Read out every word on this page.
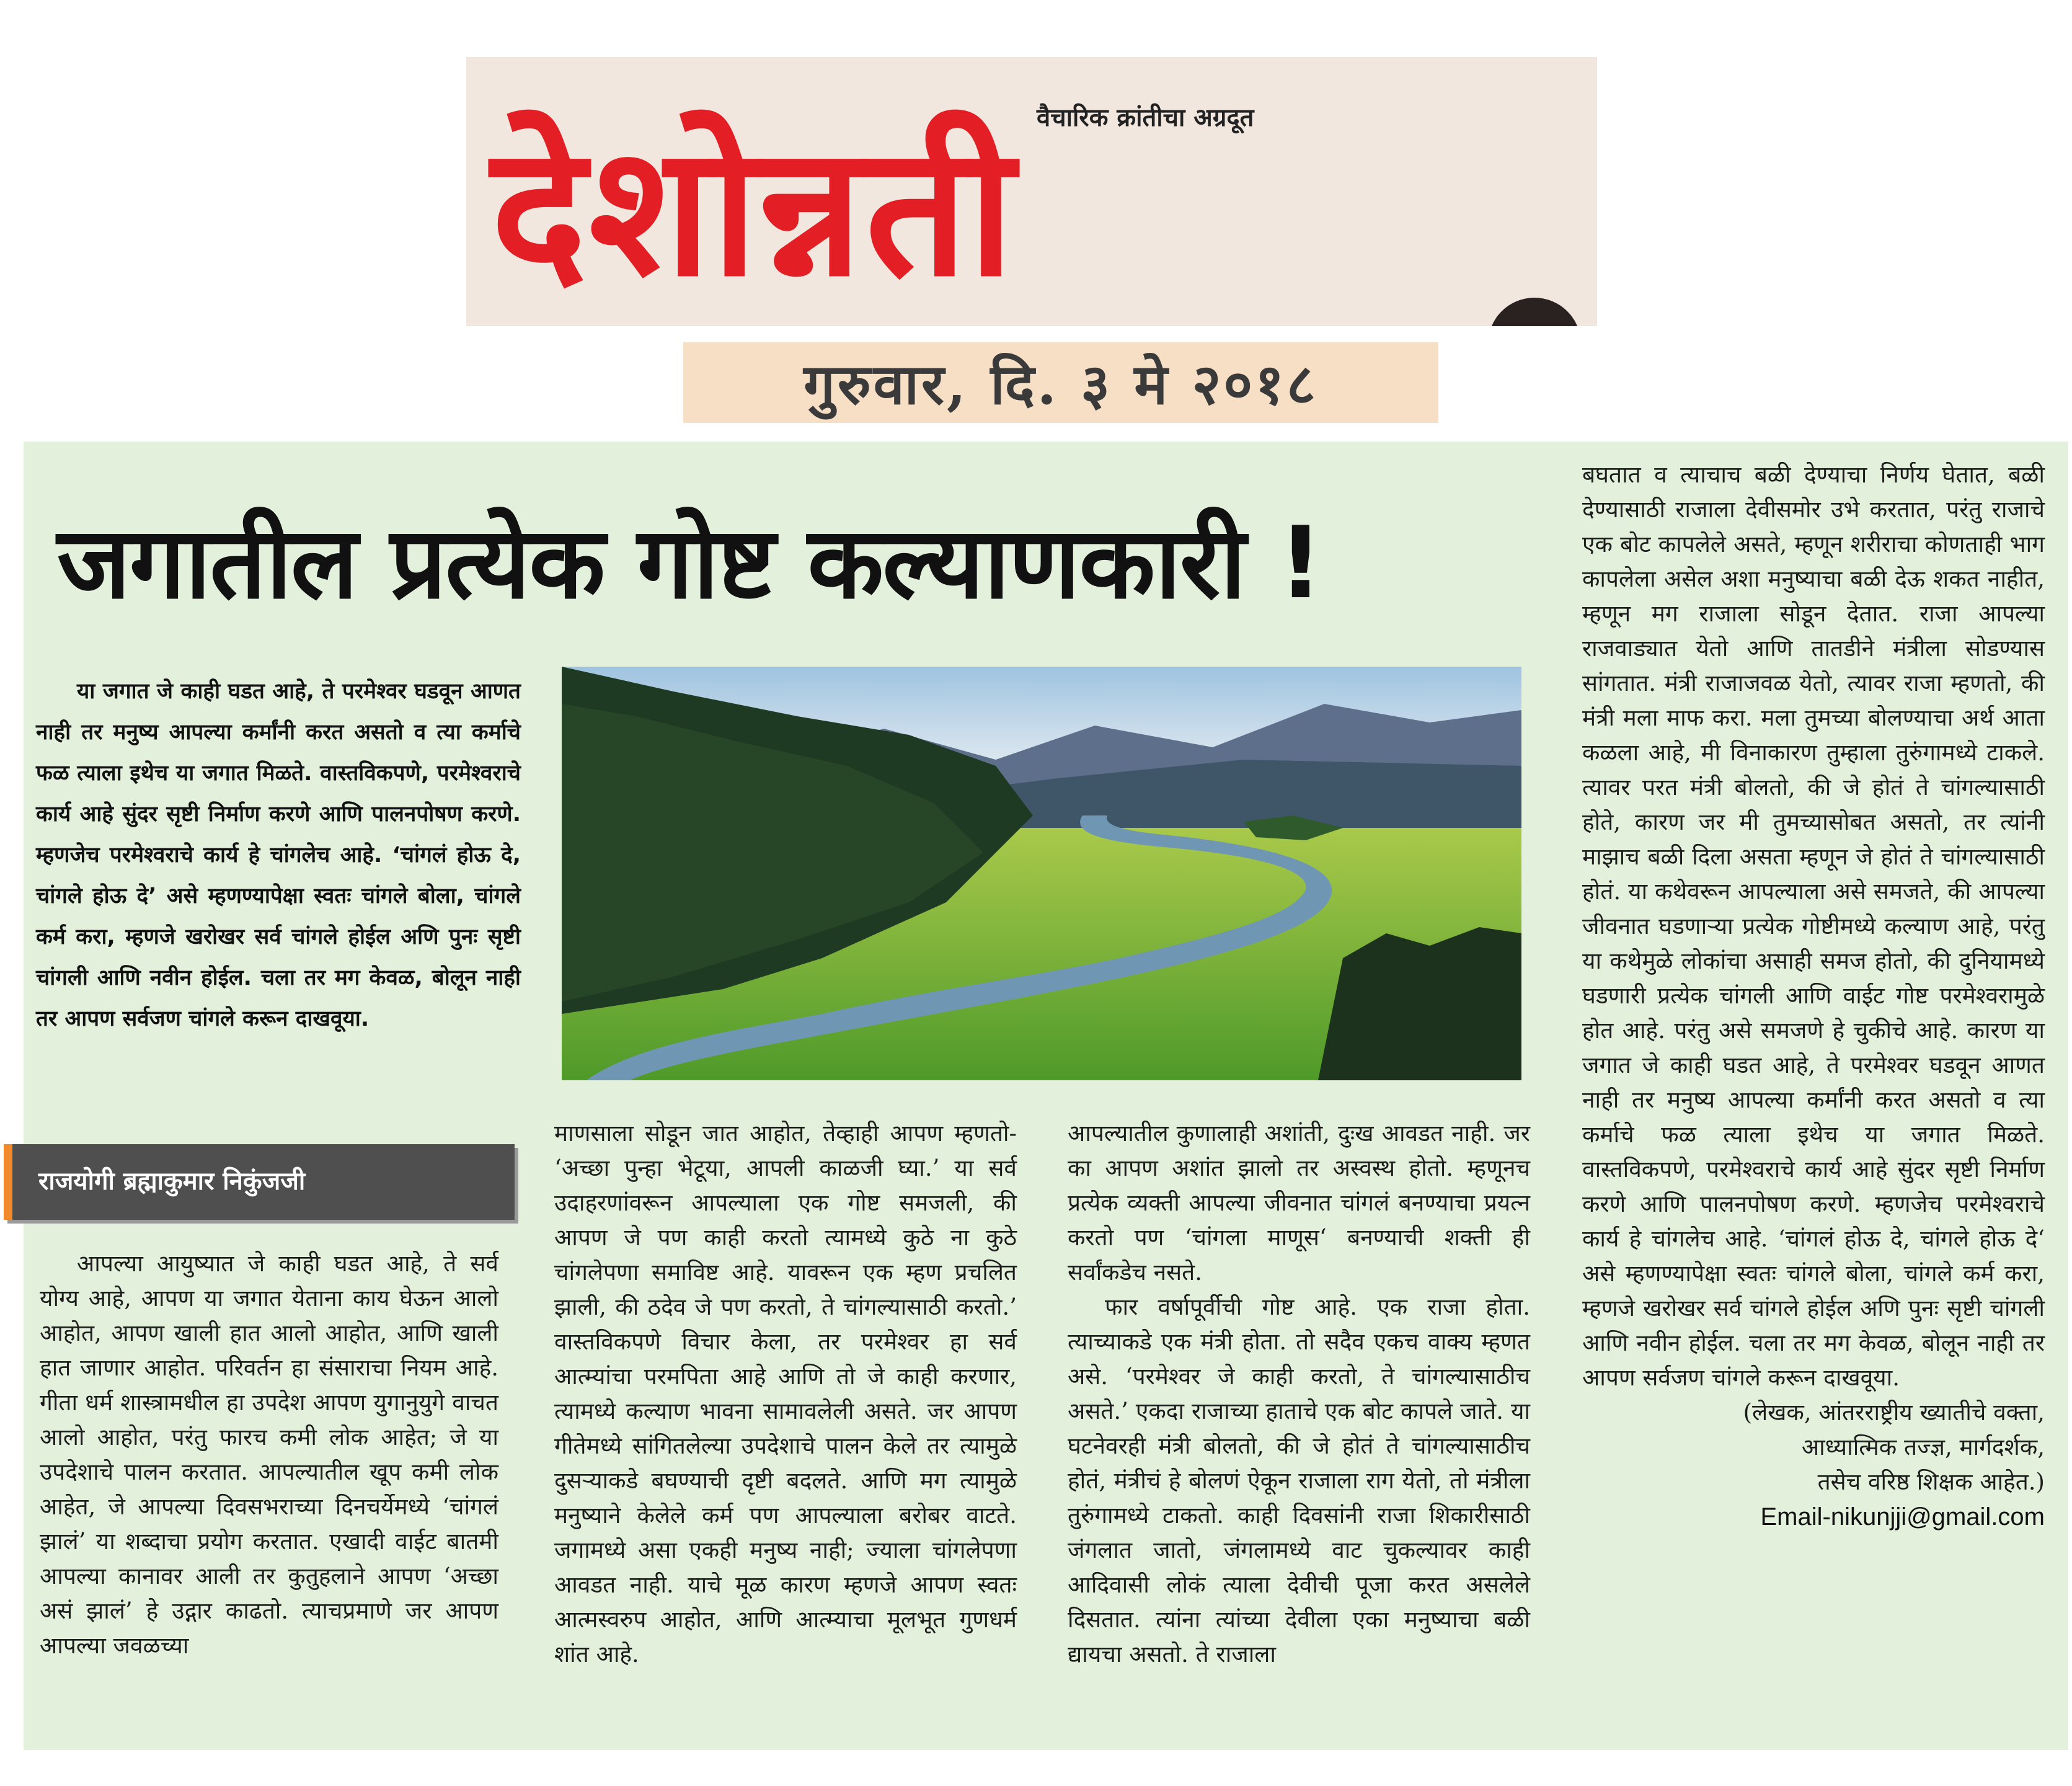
वैचारिक क्रांतीचा अग्रदूत
देशोन्नती
गुरुवार, दि. ३ मे २०१८
जगातील प्रत्येक गोष्ट कल्याणकारी !

या जगात जे काही घडत आहे, ते परमेश्वर घडवून आणत नाही तर मनुष्य आपल्या कर्मांनी करत असतो व त्या कर्माचे फळ त्याला इथेच या जगात मिळते. वास्तविकपणे, परमेश्वराचे कार्य आहे सुंदर सृष्टी निर्माण करणे आणि पालनपोषण करणे. म्हणजेच परमेश्वराचे कार्य हे चांगलेच आहे. ‘चांगलं होऊ दे, चांगले होऊ दे’ असे म्हणण्यापेक्षा स्वतः चांगले बोला, चांगले कर्म करा, म्हणजे खरोखर सर्व चांगले होईल अणि पुनः सृष्टी चांगली आणि नवीन होईल. चला तर मग केवळ, बोलून नाही तर आपण सर्वजण चांगले करून दाखवूया.

राजयोगी ब्रह्माकुमार निकुंजजी

आपल्या आयुष्यात जे काही घडत आहे, ते सर्व योग्य आहे, आपण या जगात येताना काय घेऊन आलो आहोत, आपण खाली हात आलो आहोत, आणि खाली हात जाणार आहोत. परिवर्तन हा संसाराचा नियम आहे. गीता धर्म शास्त्रामधील हा उपदेश आपण युगानुयुगे वाचत आलो आहोत, परंतु फारच कमी लोक आहेत; जे या उपदेशाचे पालन करतात. आपल्यातील खूप कमी लोक आहेत, जे आपल्या दिवसभराच्या दिनचर्येमध्ये ‘चांगलं झालं’ या शब्दाचा प्रयोग करतात. एखादी वाईट बातमी आपल्या कानावर आली तर कुतुहलाने आपण ‘अच्छा असं झालं’ हे उद्गार काढतो. त्याचप्रमाणे जर आपण आपल्या जवळच्या

माणसाला सोडून जात आहोत, तेव्हाही आपण म्हणतो- ‘अच्छा पुन्हा भेटूया, आपली काळजी घ्या.’ या सर्व उदाहरणांवरून आपल्याला एक गोष्ट समजली, की आपण जे पण काही करतो त्यामध्ये कुठे ना कुठे चांगलेपणा समाविष्ट आहे. यावरून एक म्हण प्रचलित झाली, की ठदेव जे पण करतो, ते चांगल्यासाठी करतो.’ वास्तविकपणे विचार केला, तर परमेश्वर हा सर्व आत्म्यांचा परमपिता आहे आणि तो जे काही करणार, त्यामध्ये कल्याण भावना सामावलेली असते. जर आपण गीतेमध्ये सांगितलेल्या उपदेशाचे पालन केले तर त्यामुळे दुसऱ्याकडे बघण्याची दृष्टी बदलते. आणि मग त्यामुळे मनुष्याने केलेले कर्म पण आपल्याला बरोबर वाटते. जगामध्ये असा एकही मनुष्य नाही; ज्याला चांगलेपणा आवडत नाही. याचे मूळ कारण म्हणजे आपण स्वतः आत्मस्वरुप आहोत, आणि आत्म्याचा मूलभूत गुणधर्म शांत आहे.

आपल्यातील कुणालाही अशांती, दुःख आवडत नाही. जर का आपण अशांत झालो तर अस्वस्थ होतो. म्हणूनच प्रत्येक व्यक्ती आपल्या जीवनात चांगलं बनण्याचा प्रयत्न करतो पण ‘चांगला माणूस‘ बनण्याची शक्ती ही सर्वांकडेच नसते.

फार वर्षापूर्वीची गोष्ट आहे. एक राजा होता. त्याच्याकडे एक मंत्री होता. तो सदैव एकच वाक्य म्हणत असे. ‘परमेश्वर जे काही करतो, ते चांगल्यासाठीच असते.’ एकदा राजाच्या हाताचे एक बोट कापले जाते. या घटनेवरही मंत्री बोलतो, की जे होतं ते चांगल्यासाठीच होतं, मंत्रीचं हे बोलणं ऐकून राजाला राग येतो, तो मंत्रीला तुरुंगामध्ये टाकतो. काही दिवसांनी राजा शिकारीसाठी जंगलात जातो, जंगलामध्ये वाट चुकल्यावर काही आदिवासी लोकं त्याला देवीची पूजा करत असलेले दिसतात. त्यांना त्यांच्या देवीला एका मनुष्याचा बळी द्यायचा असतो. ते राजाला

बघतात व त्याचाच बळी देण्याचा निर्णय घेतात, बळी देण्यासाठी राजाला देवीसमोर उभे करतात, परंतु राजाचे एक बोट कापलेले असते, म्हणून शरीराचा कोणताही भाग कापलेला असेल अशा मनुष्याचा बळी देऊ शकत नाहीत, म्हणून मग राजाला सोडून देतात. राजा आपल्या राजवाड्यात येतो आणि तातडीने मंत्रीला सोडण्यास सांगतात. मंत्री राजाजवळ येतो, त्यावर राजा म्हणतो, की मंत्री मला माफ करा. मला तुमच्या बोलण्याचा अर्थ आता कळला आहे, मी विनाकारण तुम्हाला तुरुंगामध्ये टाकले. त्यावर परत मंत्री बोलतो, की जे होतं ते चांगल्यासाठी होते, कारण जर मी तुमच्यासोबत असतो, तर त्यांनी माझाच बळी दिला असता म्हणून जे होतं ते चांगल्यासाठी होतं. या कथेवरून आपल्याला असे समजते, की आपल्या जीवनात घडणाऱ्या प्रत्येक गोष्टीमध्ये कल्याण आहे, परंतु या कथेमुळे लोकांचा असाही समज होतो, की दुनियामध्ये घडणारी प्रत्येक चांगली आणि वाईट गोष्ट परमेश्वरामुळे होत आहे. परंतु असे समजणे हे चुकीचे आहे. कारण या जगात जे काही घडत आहे, ते परमेश्वर घडवून आणत नाही तर मनुष्य आपल्या कर्मांनी करत असतो व त्या कर्माचे फळ त्याला इथेच या जगात मिळते. वास्तविकपणे, परमेश्वराचे कार्य आहे सुंदर सृष्टी निर्माण करणे आणि पालनपोषण करणे. म्हणजेच परमेश्वराचे कार्य हे चांगलेच आहे. ‘चांगलं होऊ दे, चांगले होऊ दे‘ असे म्हणण्यापेक्षा स्वतः चांगले बोला, चांगले कर्म करा, म्हणजे खरोखर सर्व चांगले होईल अणि पुनः सृष्टी चांगली आणि नवीन होईल. चला तर मग केवळ, बोलून नाही तर आपण सर्वजण चांगले करून दाखवूया.

(लेखक, आंतरराष्ट्रीय ख्यातीचे वक्ता,
आध्यात्मिक तज्ज्ञ, मार्गदर्शक,
तसेच वरिष्ठ शिक्षक आहेत.)
Email-nikunjji@gmail.com
